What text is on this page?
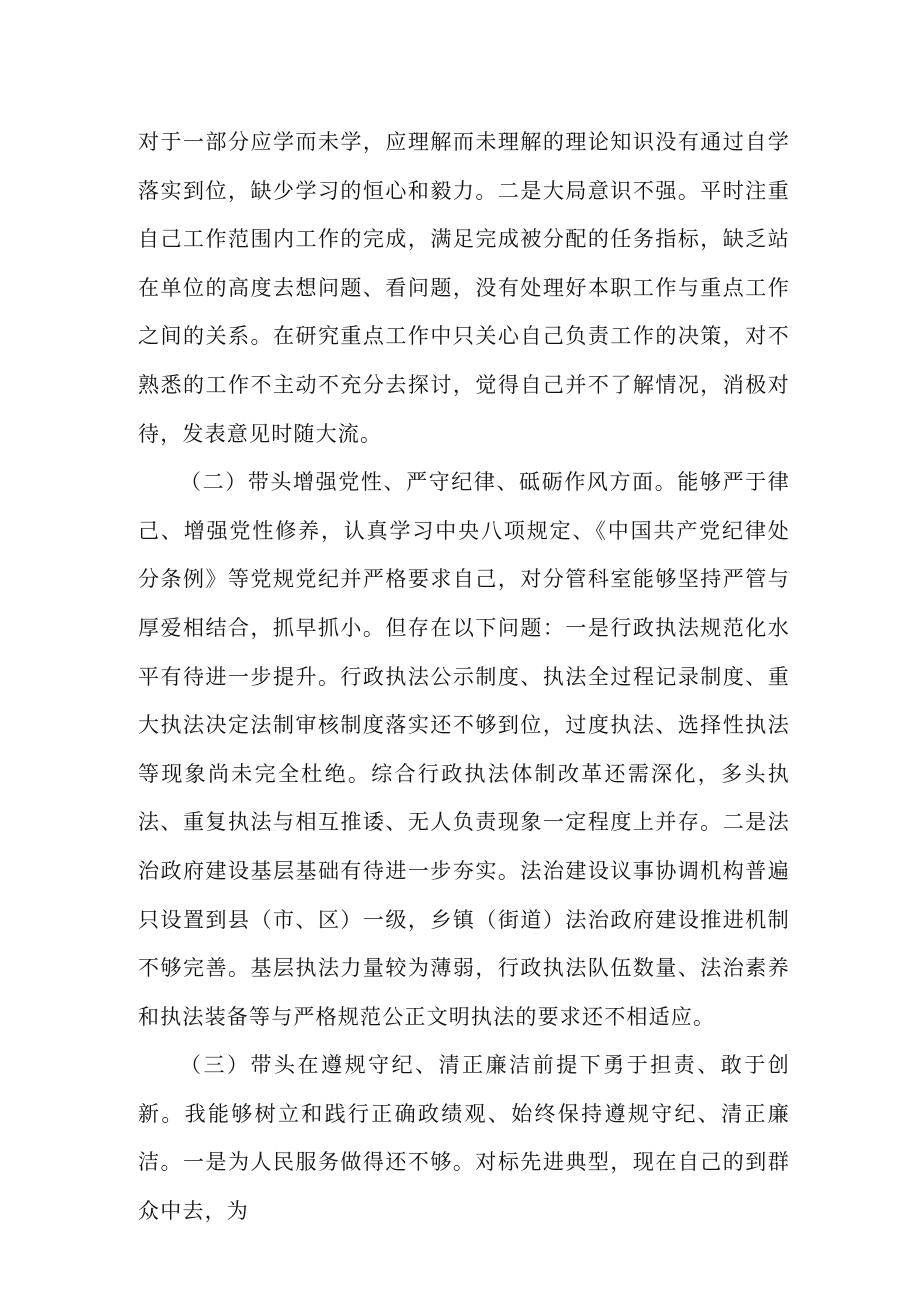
对于一部分应学而未学，应理解而未理解的理论知识没有通过自学落实到位，缺少学习的恒心和毅力。二是大局意识不强。平时注重自己工作范围内工作的完成，满足完成被分配的任务指标，缺乏站在单位的高度去想问题、看问题，没有处理好本职工作与重点工作之间的关系。在研究重点工作中只关心自己负责工作的决策，对不熟悉的工作不主动不充分去探讨，觉得自己并不了解情况，消极对待，发表意见时随大流。

（二）带头增强党性、严守纪律、砥砺作风方面。能够严于律己、增强党性修养，认真学习中央八项规定、《中国共产党纪律处分条例》等党规党纪并严格要求自己，对分管科室能够坚持严管与厚爱相结合，抓早抓小。但存在以下问题：一是行政执法规范化水平有待进一步提升。行政执法公示制度、执法全过程记录制度、重大执法决定法制审核制度落实还不够到位，过度执法、选择性执法等现象尚未完全杜绝。综合行政执法体制改革还需深化，多头执法、重复执法与相互推诿、无人负责现象一定程度上并存。二是法治政府建设基层基础有待进一步夯实。法治建设议事协调机构普遍只设置到县（市、区）一级，乡镇（街道）法治政府建设推进机制不够完善。基层执法力量较为薄弱，行政执法队伍数量、法治素养和执法装备等与严格规范公正文明执法的要求还不相适应。

（三）带头在遵规守纪、清正廉洁前提下勇于担责、敢于创新。我能够树立和践行正确政绩观、始终保持遵规守纪、清正廉洁。一是为人民服务做得还不够。对标先进典型，现在自己的到群众中去，为
